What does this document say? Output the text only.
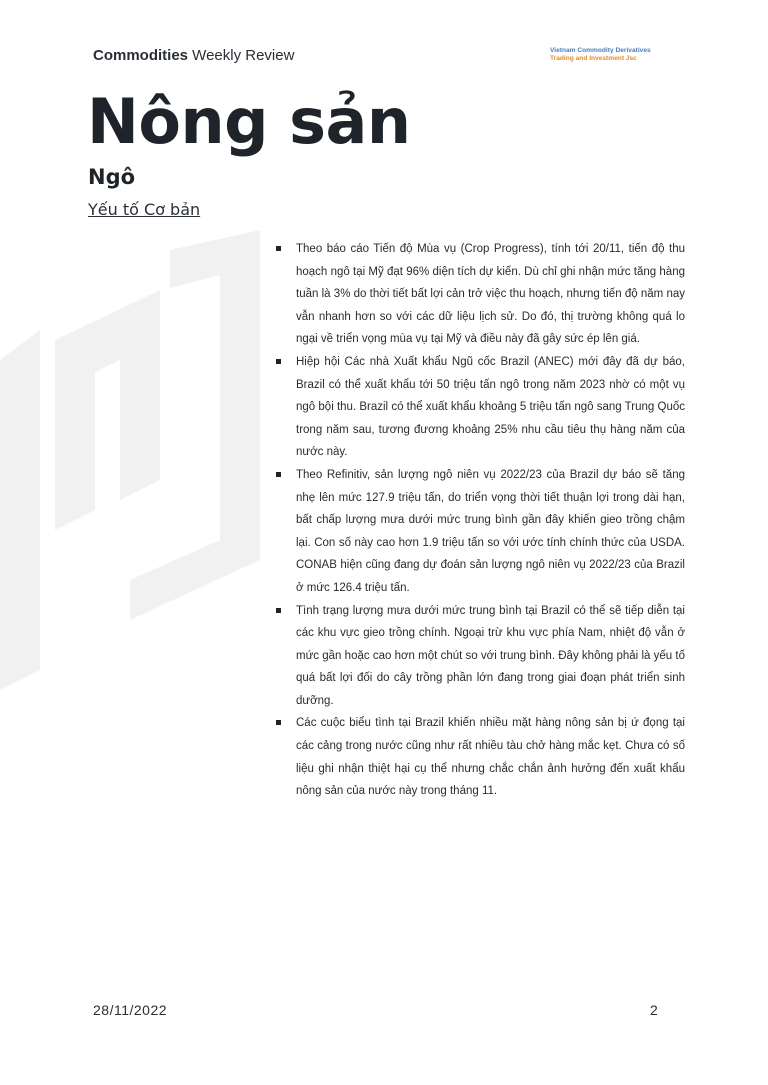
Commodities Weekly Review	Vietnam Commodity Derivatives
Trading and Investment Jsc
Nông sản
Ngô
Yếu tố Cơ bản
Theo báo cáo Tiến độ Mùa vụ (Crop Progress), tính tới 20/11, tiến độ thu hoạch ngô tại Mỹ đạt 96% diện tích dự kiến. Dù chỉ ghi nhận mức tăng hàng tuần là 3% do thời tiết bất lợi cản trở việc thu hoạch, nhưng tiến độ năm nay vẫn nhanh hơn so với các dữ liệu lịch sử. Do đó, thị trường không quá lo ngại về triển vọng mùa vụ tại Mỹ và điều này đã gây sức ép lên giá.
Hiệp hội Các nhà Xuất khẩu Ngũ cốc Brazil (ANEC) mới đây đã dự báo, Brazil có thể xuất khẩu tới 50 triệu tấn ngô trong năm 2023 nhờ có một vụ ngô bội thu. Brazil có thể xuất khẩu khoảng 5 triệu tấn ngô sang Trung Quốc trong năm sau, tương đương khoảng 25% nhu cầu tiêu thụ hàng năm của nước này.
Theo Refinitiv, sản lượng ngô niên vụ 2022/23 của Brazil dự báo sẽ tăng nhẹ lên mức 127.9 triệu tấn, do triển vọng thời tiết thuận lợi trong dài hạn, bất chấp lượng mưa dưới mức trung bình gần đây khiến gieo trồng chậm lại. Con số này cao hơn 1.9 triệu tấn so với ước tính chính thức của USDA. CONAB hiện cũng đang dự đoán sản lượng ngô niên vụ 2022/23 của Brazil ở mức 126.4 triệu tấn.
Tình trạng lượng mưa dưới mức trung bình tại Brazil có thể sẽ tiếp diễn tại các khu vực gieo trồng chính. Ngoại trừ khu vực phía Nam, nhiệt độ vẫn ở mức gần hoặc cao hơn một chút so với trung bình. Đây không phải là yếu tố quá bất lợi đối do cây trồng phần lớn đang trong giai đoạn phát triển sinh dưỡng.
Các cuộc biểu tình tại Brazil khiến nhiều mặt hàng nông sản bị ứ đọng tại các cảng trong nước cũng như rất nhiều tàu chở hàng mắc kẹt. Chưa có số liệu ghi nhận thiệt hại cụ thể nhưng chắc chắn ảnh hưởng đến xuất khẩu nông sản của nước này trong tháng 11.
28/11/2022	2
